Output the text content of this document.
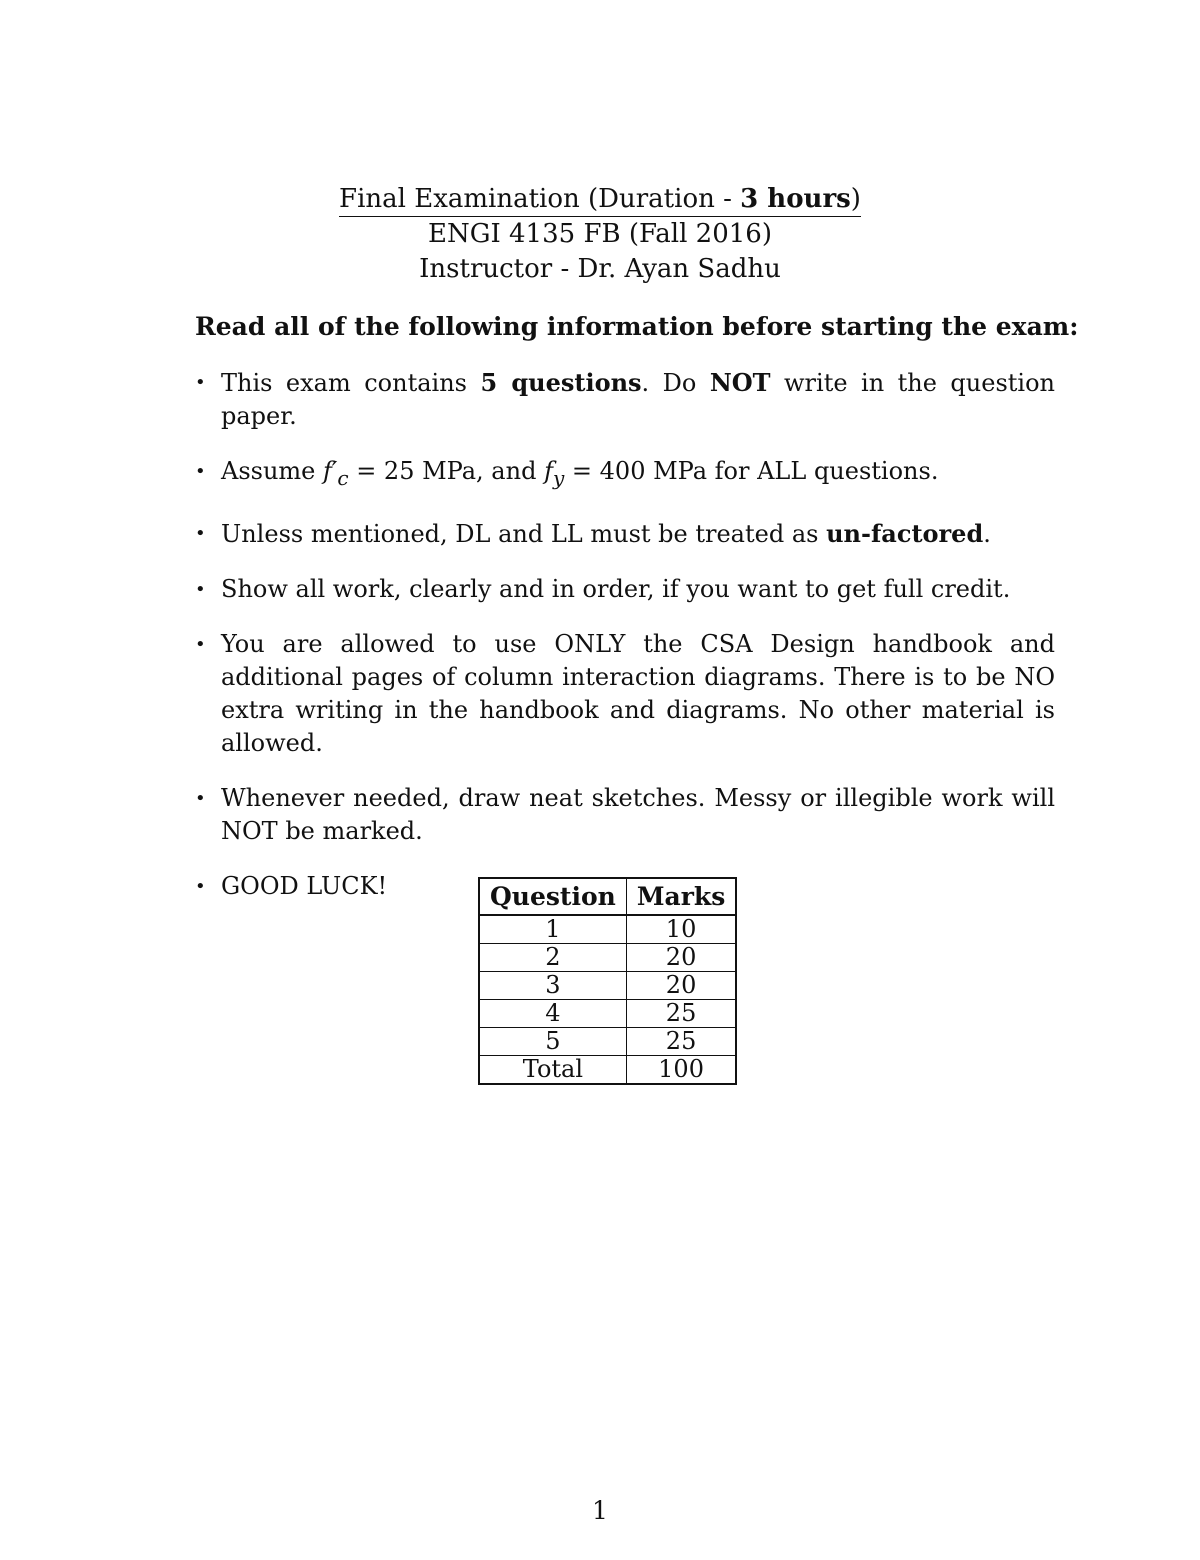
Final Examination (Duration - 3 hours)
ENGI 4135 FB (Fall 2016)
Instructor - Dr. Ayan Sadhu
Read all of the following information before starting the exam:
• This exam contains 5 questions. Do NOT write in the question paper.
• Assume $f'_c = 25$ MPa, and $f_y = 400$ MPa for ALL questions.
• Unless mentioned, DL and LL must be treated as un-factored.
• Show all work, clearly and in order, if you want to get full credit.
• You are allowed to use ONLY the CSA Design handbook and additional pages of column interaction diagrams. There is to be NO extra writing in the handbook and diagrams. No other material is allowed.
• Whenever needed, draw neat sketches. Messy or illegible work will NOT be marked.
• GOOD LUCK!	Question	Marks
1	10
2	20
3	20
4	25
5	25
Total	100
1
